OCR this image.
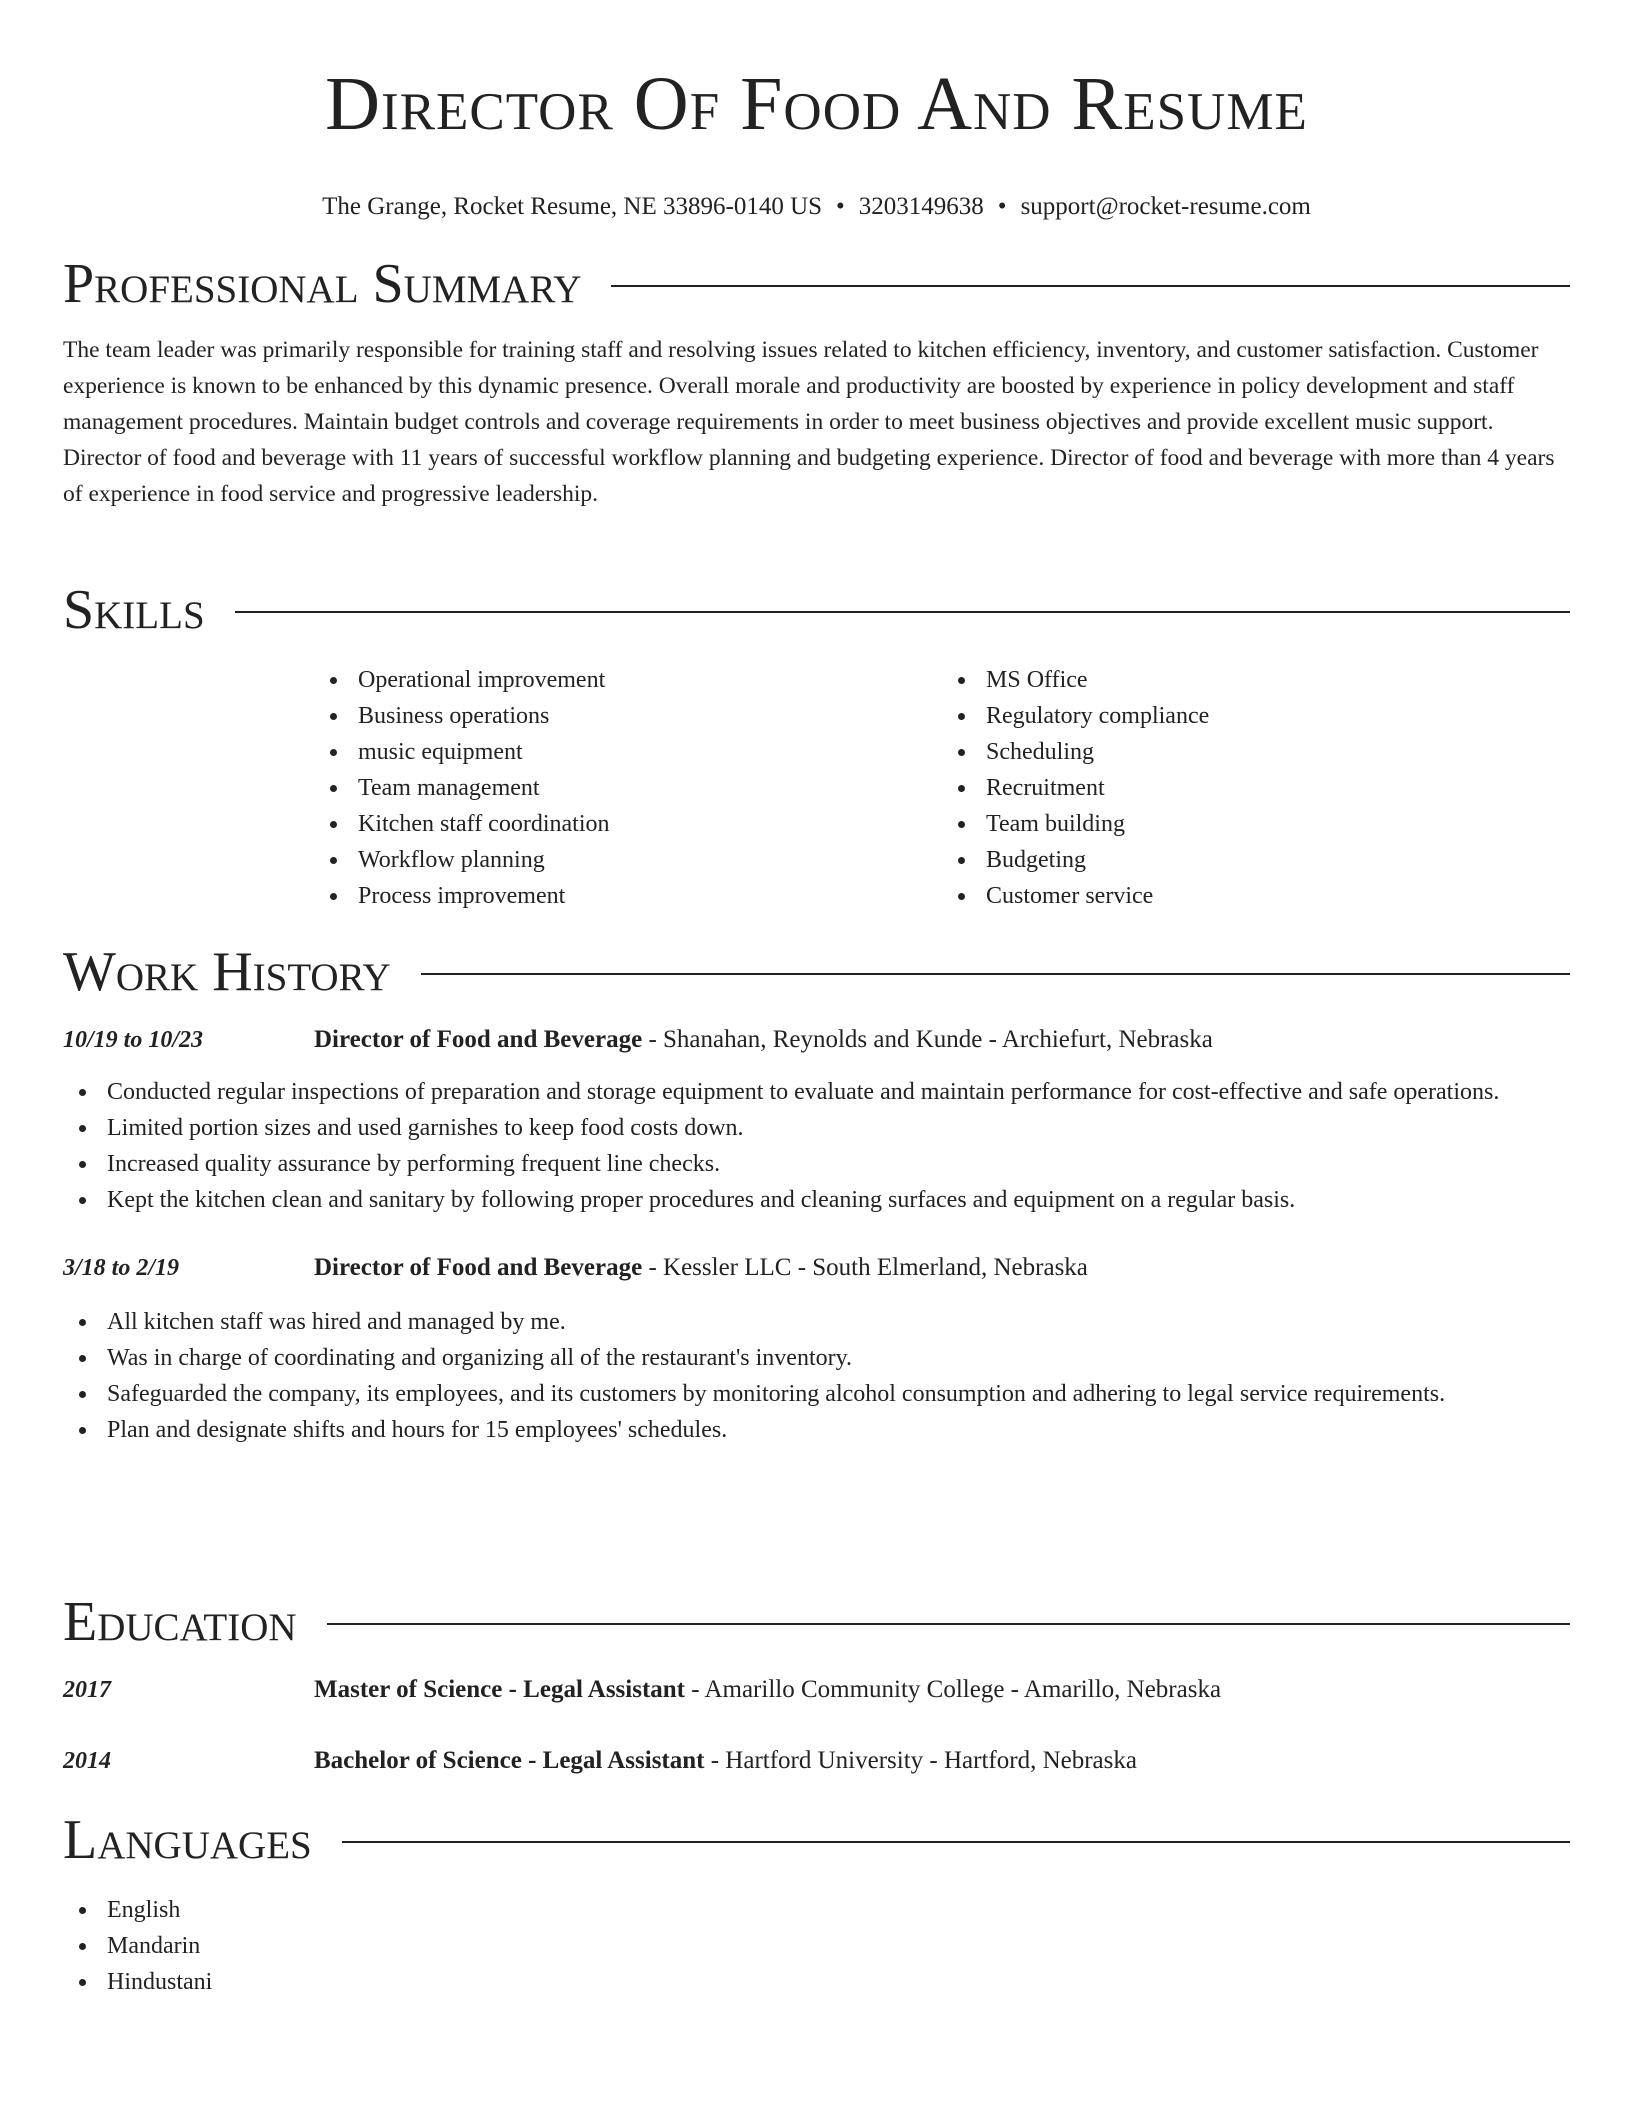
Director Of Food And Resume
The Grange, Rocket Resume, NE 33896-0140 US • 3203149638 • support@rocket-resume.com
Professional Summary

The team leader was primarily responsible for training staff and resolving issues related to kitchen efficiency, inventory, and customer satisfaction. Customer experience is known to be enhanced by this dynamic presence. Overall morale and productivity are boosted by experience in policy development and staff management procedures. Maintain budget controls and coverage requirements in order to meet business objectives and provide excellent music support. Director of food and beverage with 11 years of successful workflow planning and budgeting experience. Director of food and beverage with more than 4 years of experience in food service and progressive leadership.

Skills
Operational improvement
Business operations
music equipment
Team management
Kitchen staff coordination
Workflow planning
Process improvement
MS Office
Regulatory compliance
Scheduling
Recruitment
Team building
Budgeting
Customer service
Work History
10/19 to 10/23	Director of Food and Beverage - Shanahan, Reynolds and Kunde - Archiefurt, Nebraska
Conducted regular inspections of preparation and storage equipment to evaluate and maintain performance for cost-effective and safe operations.
Limited portion sizes and used garnishes to keep food costs down.
Increased quality assurance by performing frequent line checks.
Kept the kitchen clean and sanitary by following proper procedures and cleaning surfaces and equipment on a regular basis.
3/18 to 2/19	Director of Food and Beverage - Kessler LLC - South Elmerland, Nebraska
All kitchen staff was hired and managed by me.
Was in charge of coordinating and organizing all of the restaurant's inventory.
Safeguarded the company, its employees, and its customers by monitoring alcohol consumption and adhering to legal service requirements.
Plan and designate shifts and hours for 15 employees' schedules.
Education
2017	Master of Science - Legal Assistant - Amarillo Community College - Amarillo, Nebraska
2014	Bachelor of Science - Legal Assistant - Hartford University - Hartford, Nebraska
Languages
English
Mandarin
Hindustani
